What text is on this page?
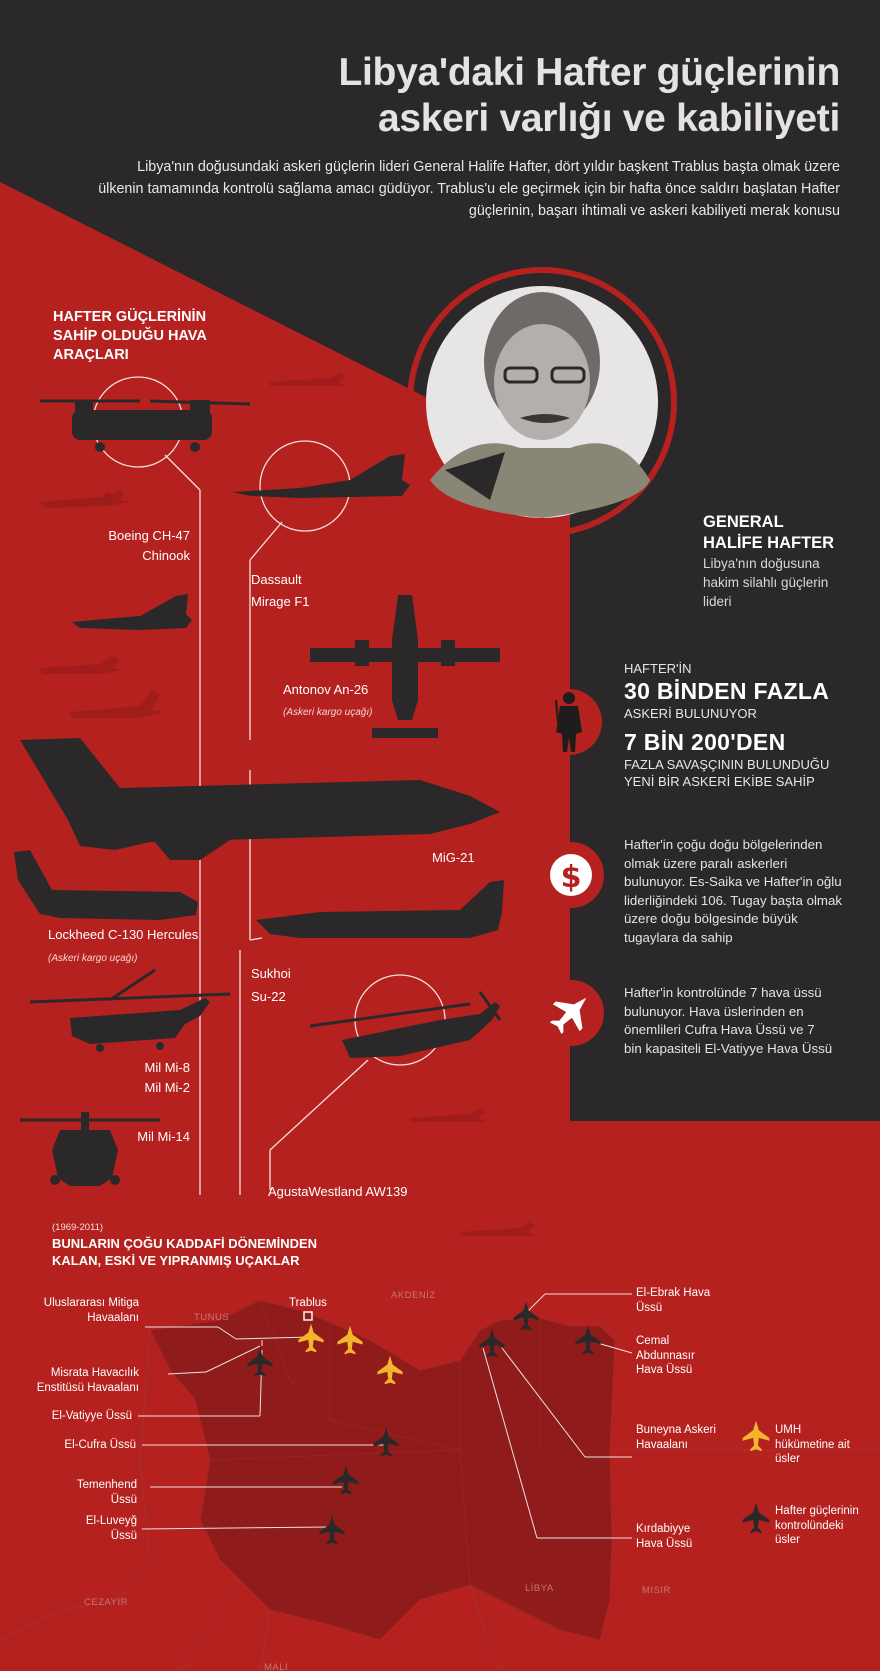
$
Libya'daki Hafter güçlerinin
askeri varlığı ve kabiliyeti
Libya'nın doğusundaki askeri güçlerin lideri General Halife Hafter, dört yıldır başkent Trablus başta olmak üzere ülkenin tamamında kontrolü sağlama amacı güdüyor. Trablus'u ele geçirmek için bir hafta önce saldırı başlatan Hafter güçlerinin, başarı ihtimali ve askeri kabiliyeti merak konusu
HAFTER GÜÇLERİNİN
SAHİP OLDUĞU HAVA
ARAÇLARI
Boeing CH-47
Chinook
Dassault
Mirage F1
Antonov An-26
(Askeri kargo uçağı)
MiG-21
Lockheed C-130 Hercules
(Askeri kargo uçağı)
Sukhoi
Su-22
Mil Mi-8
Mil Mi-2
Mil Mi-14
AgustaWestland AW139
GENERAL
HALİFE HAFTER
Libya'nın doğusuna hakim silahlı güçlerin lideri
HAFTER'İN
30 BİNDEN FAZLA
ASKERİ BULUNUYOR
7 BİN 200'DEN
FAZLA SAVAŞÇININ BULUNDUĞU
YENİ BİR ASKERİ EKİBE SAHİP
Hafter'in çoğu doğu bölgelerinden olmak üzere paralı askerleri bulunuyor. Es-Saika ve Hafter'in oğlu liderliğindeki 106. Tugay başta olmak üzere doğu bölgesinde büyük tugaylara da sahip
Hafter'in kontrolünde 7 hava üssü bulunuyor. Hava üslerinden en önemlileri Cufra Hava Üssü ve 7 bin kapasiteli El-Vatiyye Hava Üssü
(1969-2011)
BUNLARIN ÇOĞU KADDAFİ DÖNEMİNDEN
KALAN, ESKİ VE YIPRANMIŞ UÇAKLAR
Trablus
TUNUS
AKDENİZ
CEZAYİR
LİBYA	MISIR
MALİ
Uluslararası Mitiga Havaalanı
Misrata Havacılık Enstitüsü Havaalanı
El-Vatiyye Üssü
El-Cufra Üssü
Temenhend Üssü
El-Luveyğ Üssü
El-Ebrak Hava Üssü
Cemal Abdunnasır Hava Üssü
Buneyna Askeri Havaalanı
Kırdabiyye Hava Üssü
UMH hükümetine ait üsler
Hafter güçlerinin kontrolündeki üsler
